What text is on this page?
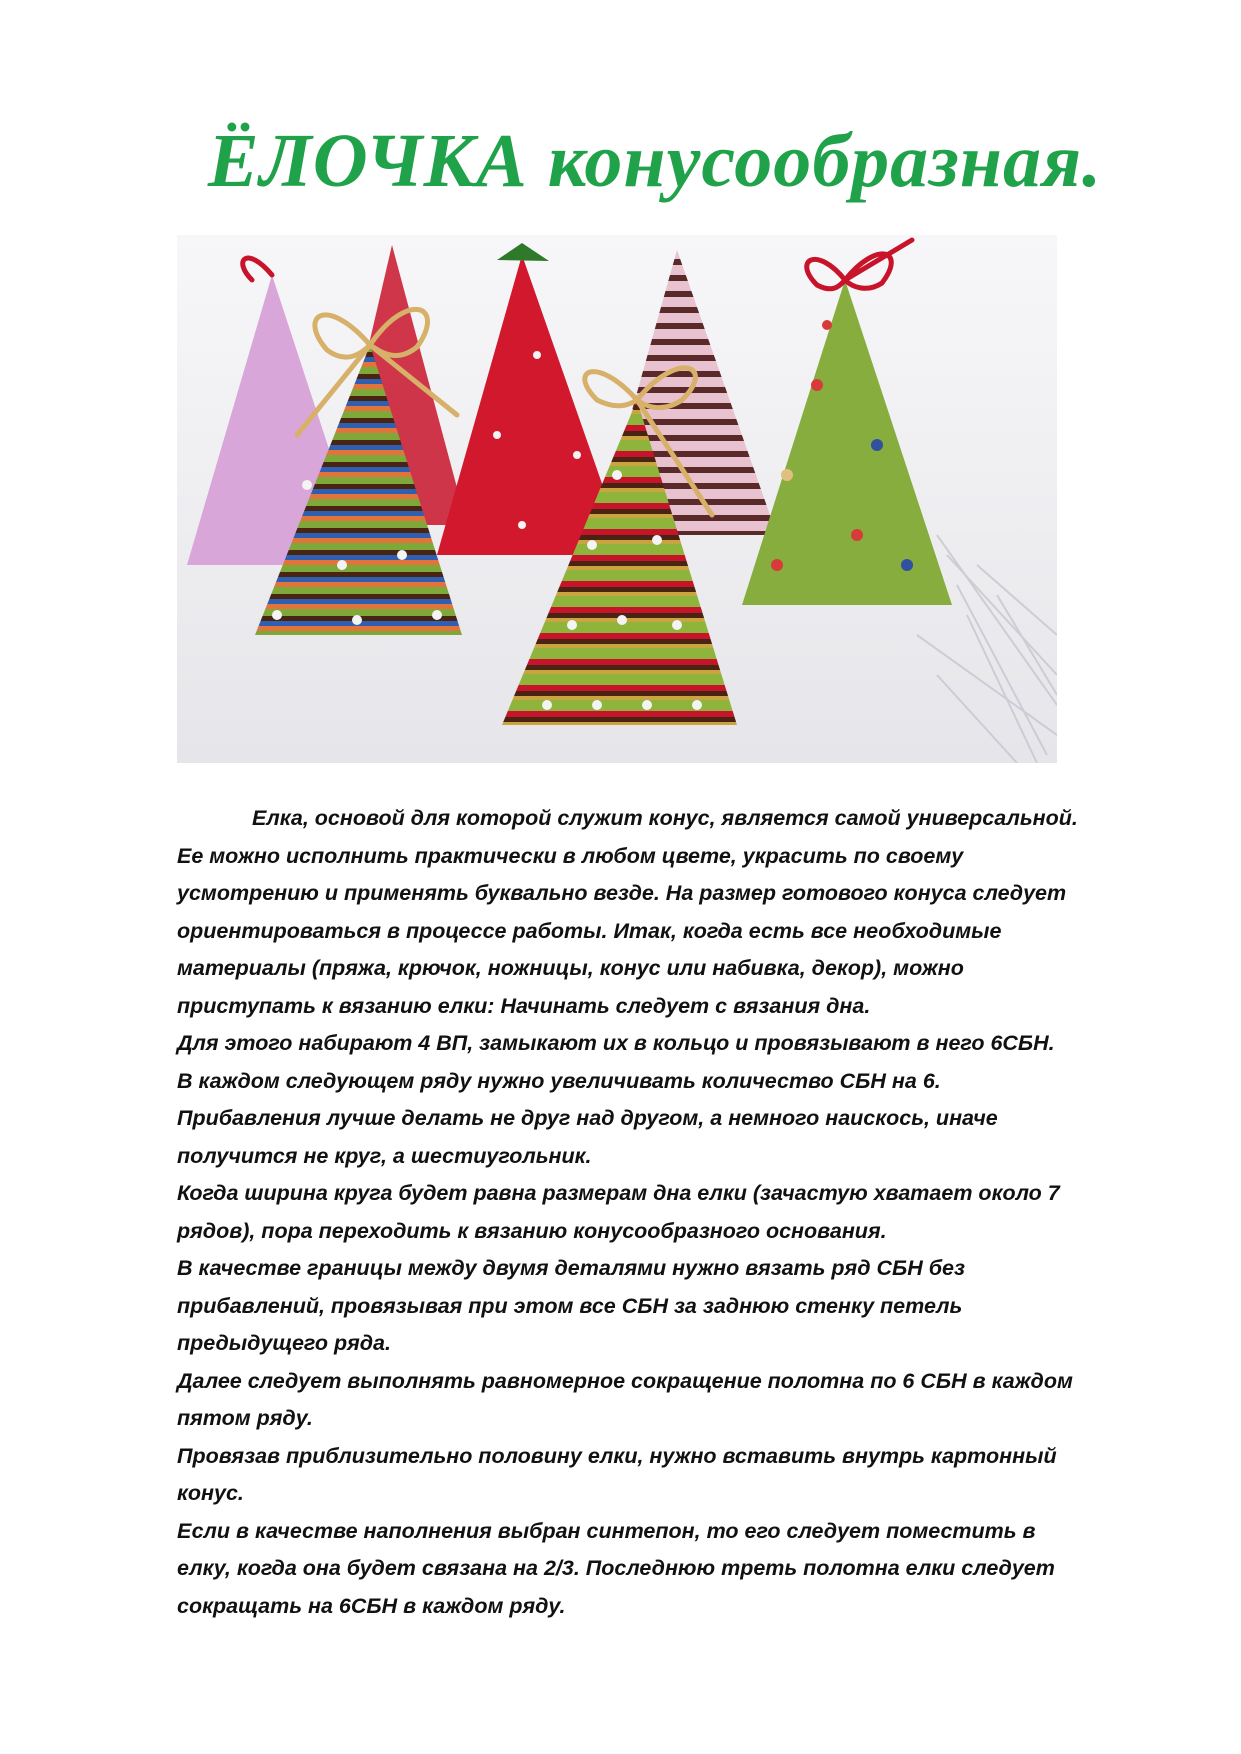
ЁЛОЧКА конусообразная.

Елка, основой для которой служит конус, является самой универсальной.

Ее можно исполнить практически в любом цвете, украсить по своему

усмотрению и применять буквально везде. На размер готового конуса следует

ориентироваться в процессе работы. Итак, когда есть все необходимые

материалы (пряжа, крючок, ножницы, конус или набивка, декор), можно

приступать к вязанию елки: Начинать следует с вязания дна.

Для этого набирают 4 ВП, замыкают их в кольцо и провязывают в него 6СБН.

В каждом следующем ряду нужно увеличивать количество СБН на 6.

Прибавления лучше делать не друг над другом, а немного наискось, иначе

получится не круг, а шестиугольник.

Когда ширина круга будет равна размерам дна елки (зачастую хватает около 7

рядов), пора переходить к вязанию конусообразного основания.

В качестве границы между двумя деталями нужно вязать ряд СБН без

прибавлений, провязывая при этом все СБН за заднюю стенку петель

предыдущего ряда.

Далее следует выполнять равномерное сокращение полотна по 6 СБН в каждом

пятом ряду.

Провязав приблизительно половину елки, нужно вставить внутрь картонный

конус.

Если в качестве наполнения выбран синтепон, то его следует поместить в

елку, когда она будет связана на 2/3. Последнюю треть полотна елки следует

сокращать на 6СБН в каждом ряду.
